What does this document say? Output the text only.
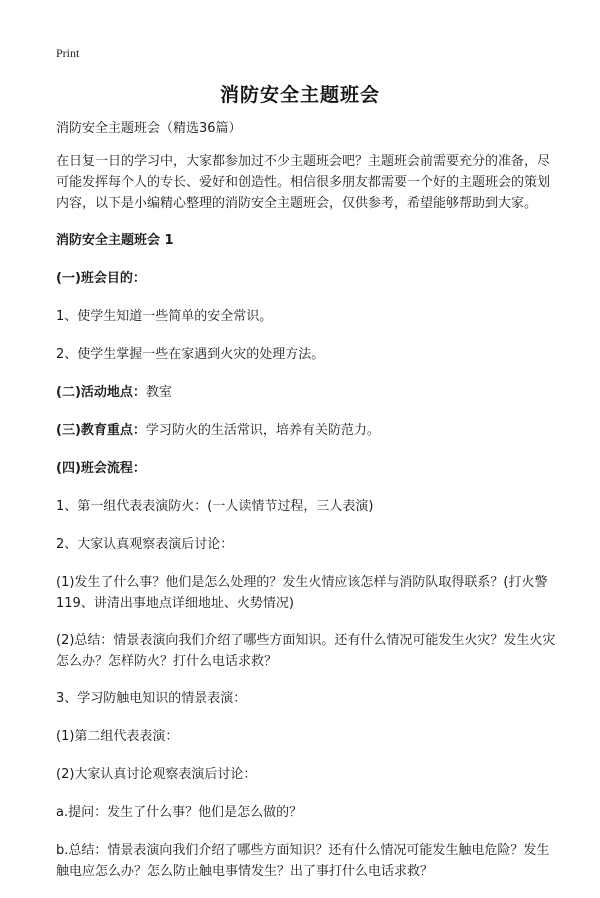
Print
消防安全主题班会

消防安全主题班会（精选36篇）

在日复一日的学习中，大家都参加过不少主题班会吧？主题班会前需要充分的准备，尽可能发挥每个人的专长、爱好和创造性。相信很多朋友都需要一个好的主题班会的策划内容，以下是小编精心整理的消防安全主题班会，仅供参考，希望能够帮助到大家。

消防安全主题班会 1

(一)班会目的：

1、使学生知道一些简单的安全常识。

2、使学生掌握一些在家遇到火灾的处理方法。

(二)活动地点：教室

(三)教育重点：学习防火的生活常识，培养有关防范力。

(四)班会流程：

1、第一组代表表演防火：(一人读情节过程，三人表演)

2、大家认真观察表演后讨论：

(1)发生了什么事？他们是怎么处理的？发生火情应该怎样与消防队取得联系？(打火警119、讲清出事地点详细地址、火势情况)

(2)总结：情景表演向我们介绍了哪些方面知识。还有什么情况可能发生火灾？发生火灾怎么办？怎样防火？打什么电话求救？

3、学习防触电知识的情景表演：

(1)第二组代表表演：

(2)大家认真讨论观察表演后讨论：

a.提问：发生了什么事？他们是怎么做的？

b.总结：情景表演向我们介绍了哪些方面知识？还有什么情况可能发生触电危险？发生触电应怎么办？怎么防止触电事情发生？出了事打什么电话求救？
